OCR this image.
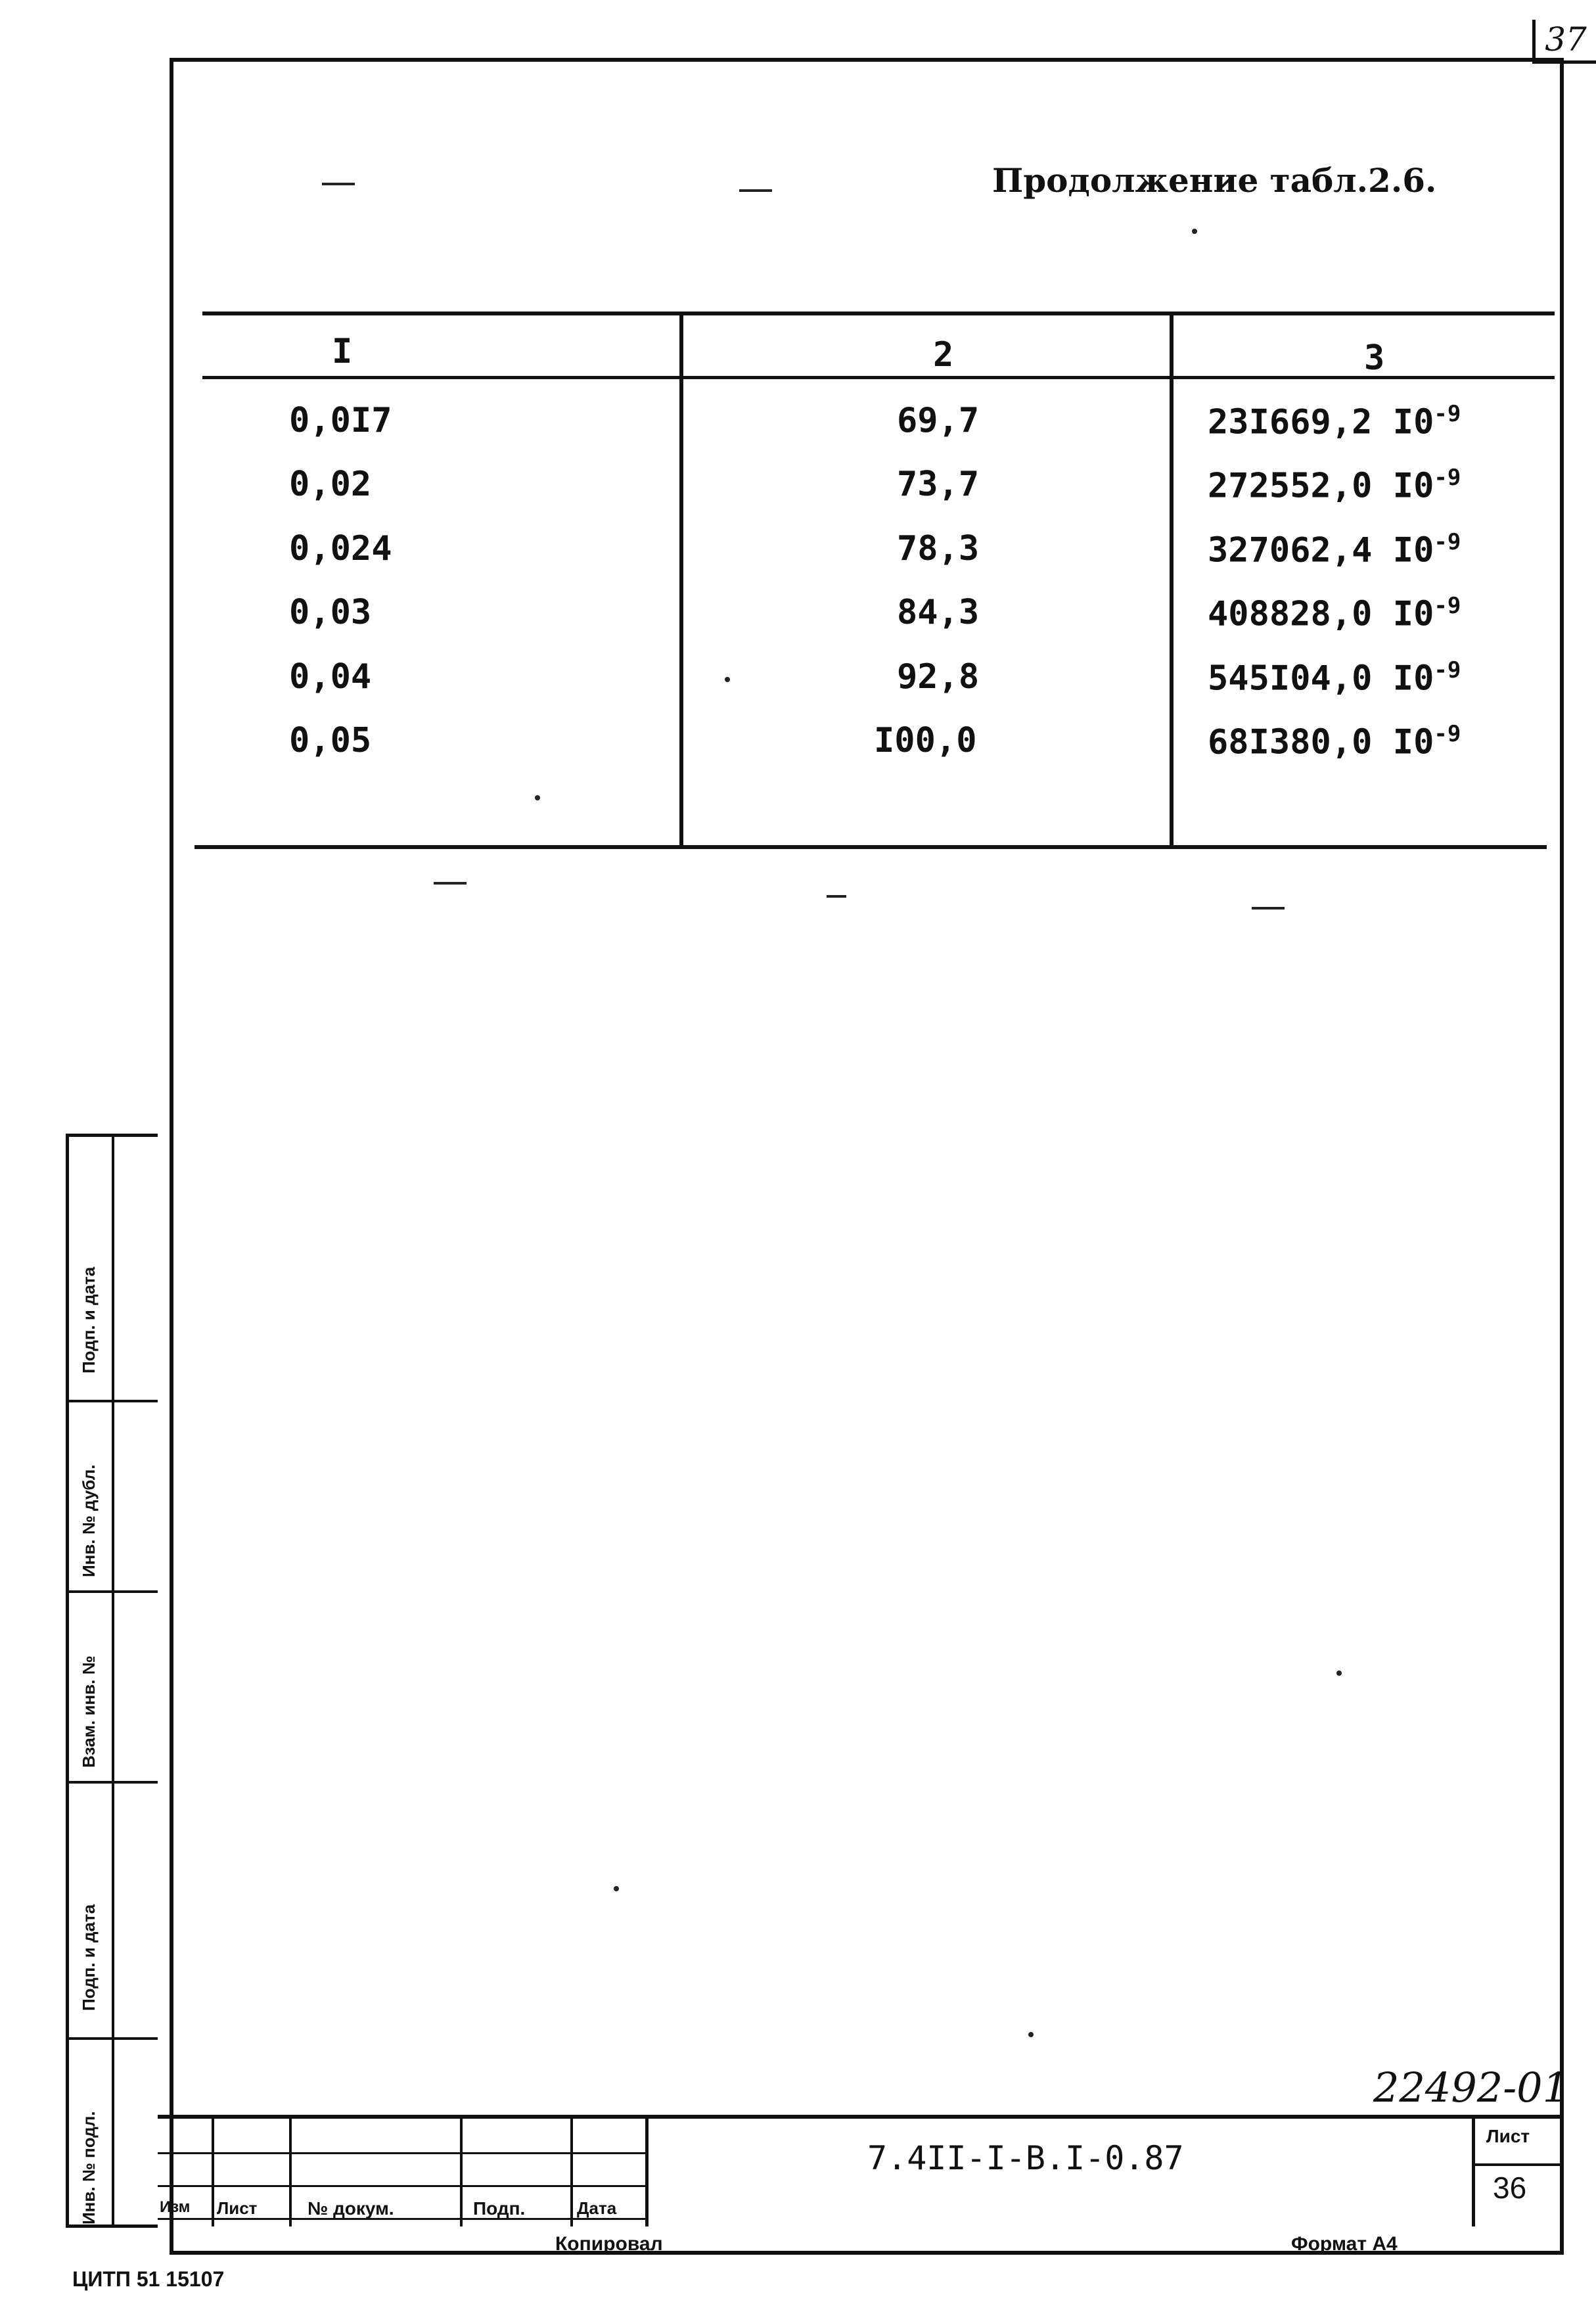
37
Продолжение табл.2.6.
I	2	3
0,0I7	69,7	23I669,2 $I0^{-9}$
0,02	73,7	272552,0 $I0^{-9}$
0,024	78,3	327062,4 $I0^{-9}$
0,03	84,3	408828,0 $I0^{-9}$
0,04	92,8	545I04,0 $I0^{-9}$
0,05	I00,0	68I380,0 $I0^{-9}$
Подп. и дата
Инв. № дубл.
Взам. инв. №
Подп. и дата
Инв. № подл.
22492-01
Изм Лист	№ докум.	Подп.	Дата
7.4II-I-B.I-0.87
Лист
36
Копировал	Формат А4
ЦИТП 51 15107
